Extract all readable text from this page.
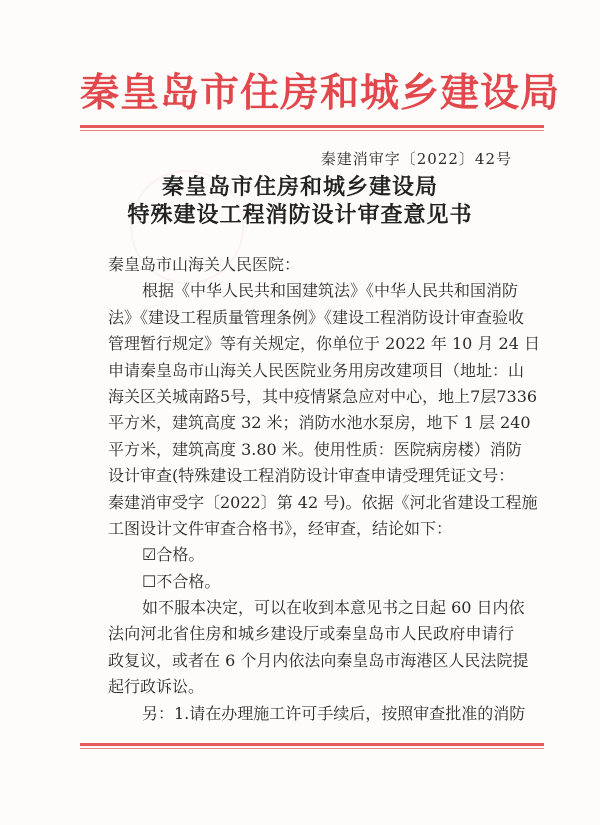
秦皇岛市住房和城乡建设局
秦建消审字〔2022〕42号
秦皇岛市住房和城乡建设局
特殊建设工程消防设计审查意见书
秦皇岛市山海关人民医院：
根据《中华人民共和国建筑法》《中华人民共和国消防
法》《建设工程质量管理条例》《建设工程消防设计审查验收
管理暂行规定》等有关规定，你单位于 2022 年 10 月 24 日
申请秦皇岛市山海关人民医院业务用房改建项目（地址：山
海关区关城南路5号，其中疫情紧急应对中心，地上7层7336
平方米，建筑高度 32 米；消防水池水泵房，地下 1 层 240
平方米，建筑高度 3.80 米。使用性质：医院病房楼）消防
设计审查(特殊建设工程消防设计审查申请受理凭证文号：
秦建消审受字〔2022〕第 42 号)。依据《河北省建设工程施
工图设计文件审查合格书》，经审查，结论如下：
☑合格。
☐不合格。
如不服本决定，可以在收到本意见书之日起 60 日内依
法向河北省住房和城乡建设厅或秦皇岛市人民政府申请行
政复议，或者在 6 个月内依法向秦皇岛市海港区人民法院提
起行政诉讼。
另：1.请在办理施工许可手续后，按照审查批准的消防
